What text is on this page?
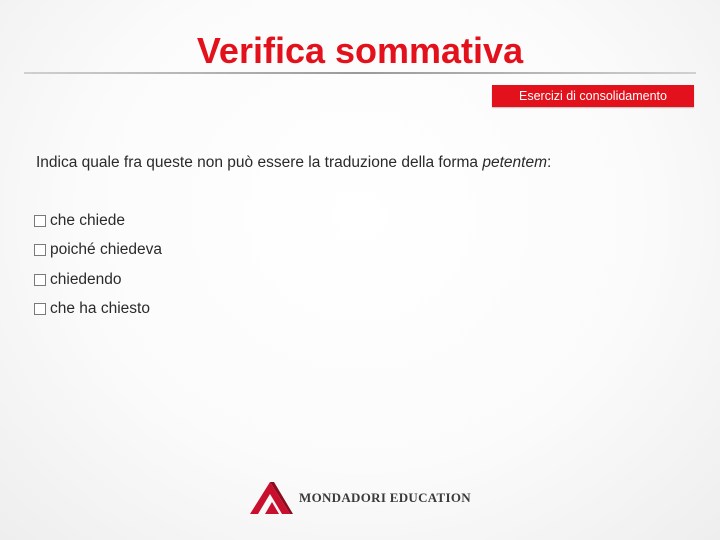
Verifica sommativa
Esercizi di consolidamento
Indica quale fra queste non può essere la traduzione della forma petentem:
che chiede
poiché chiedeva
chiedendo
che ha chiesto
MONDADORI EDUCATION
